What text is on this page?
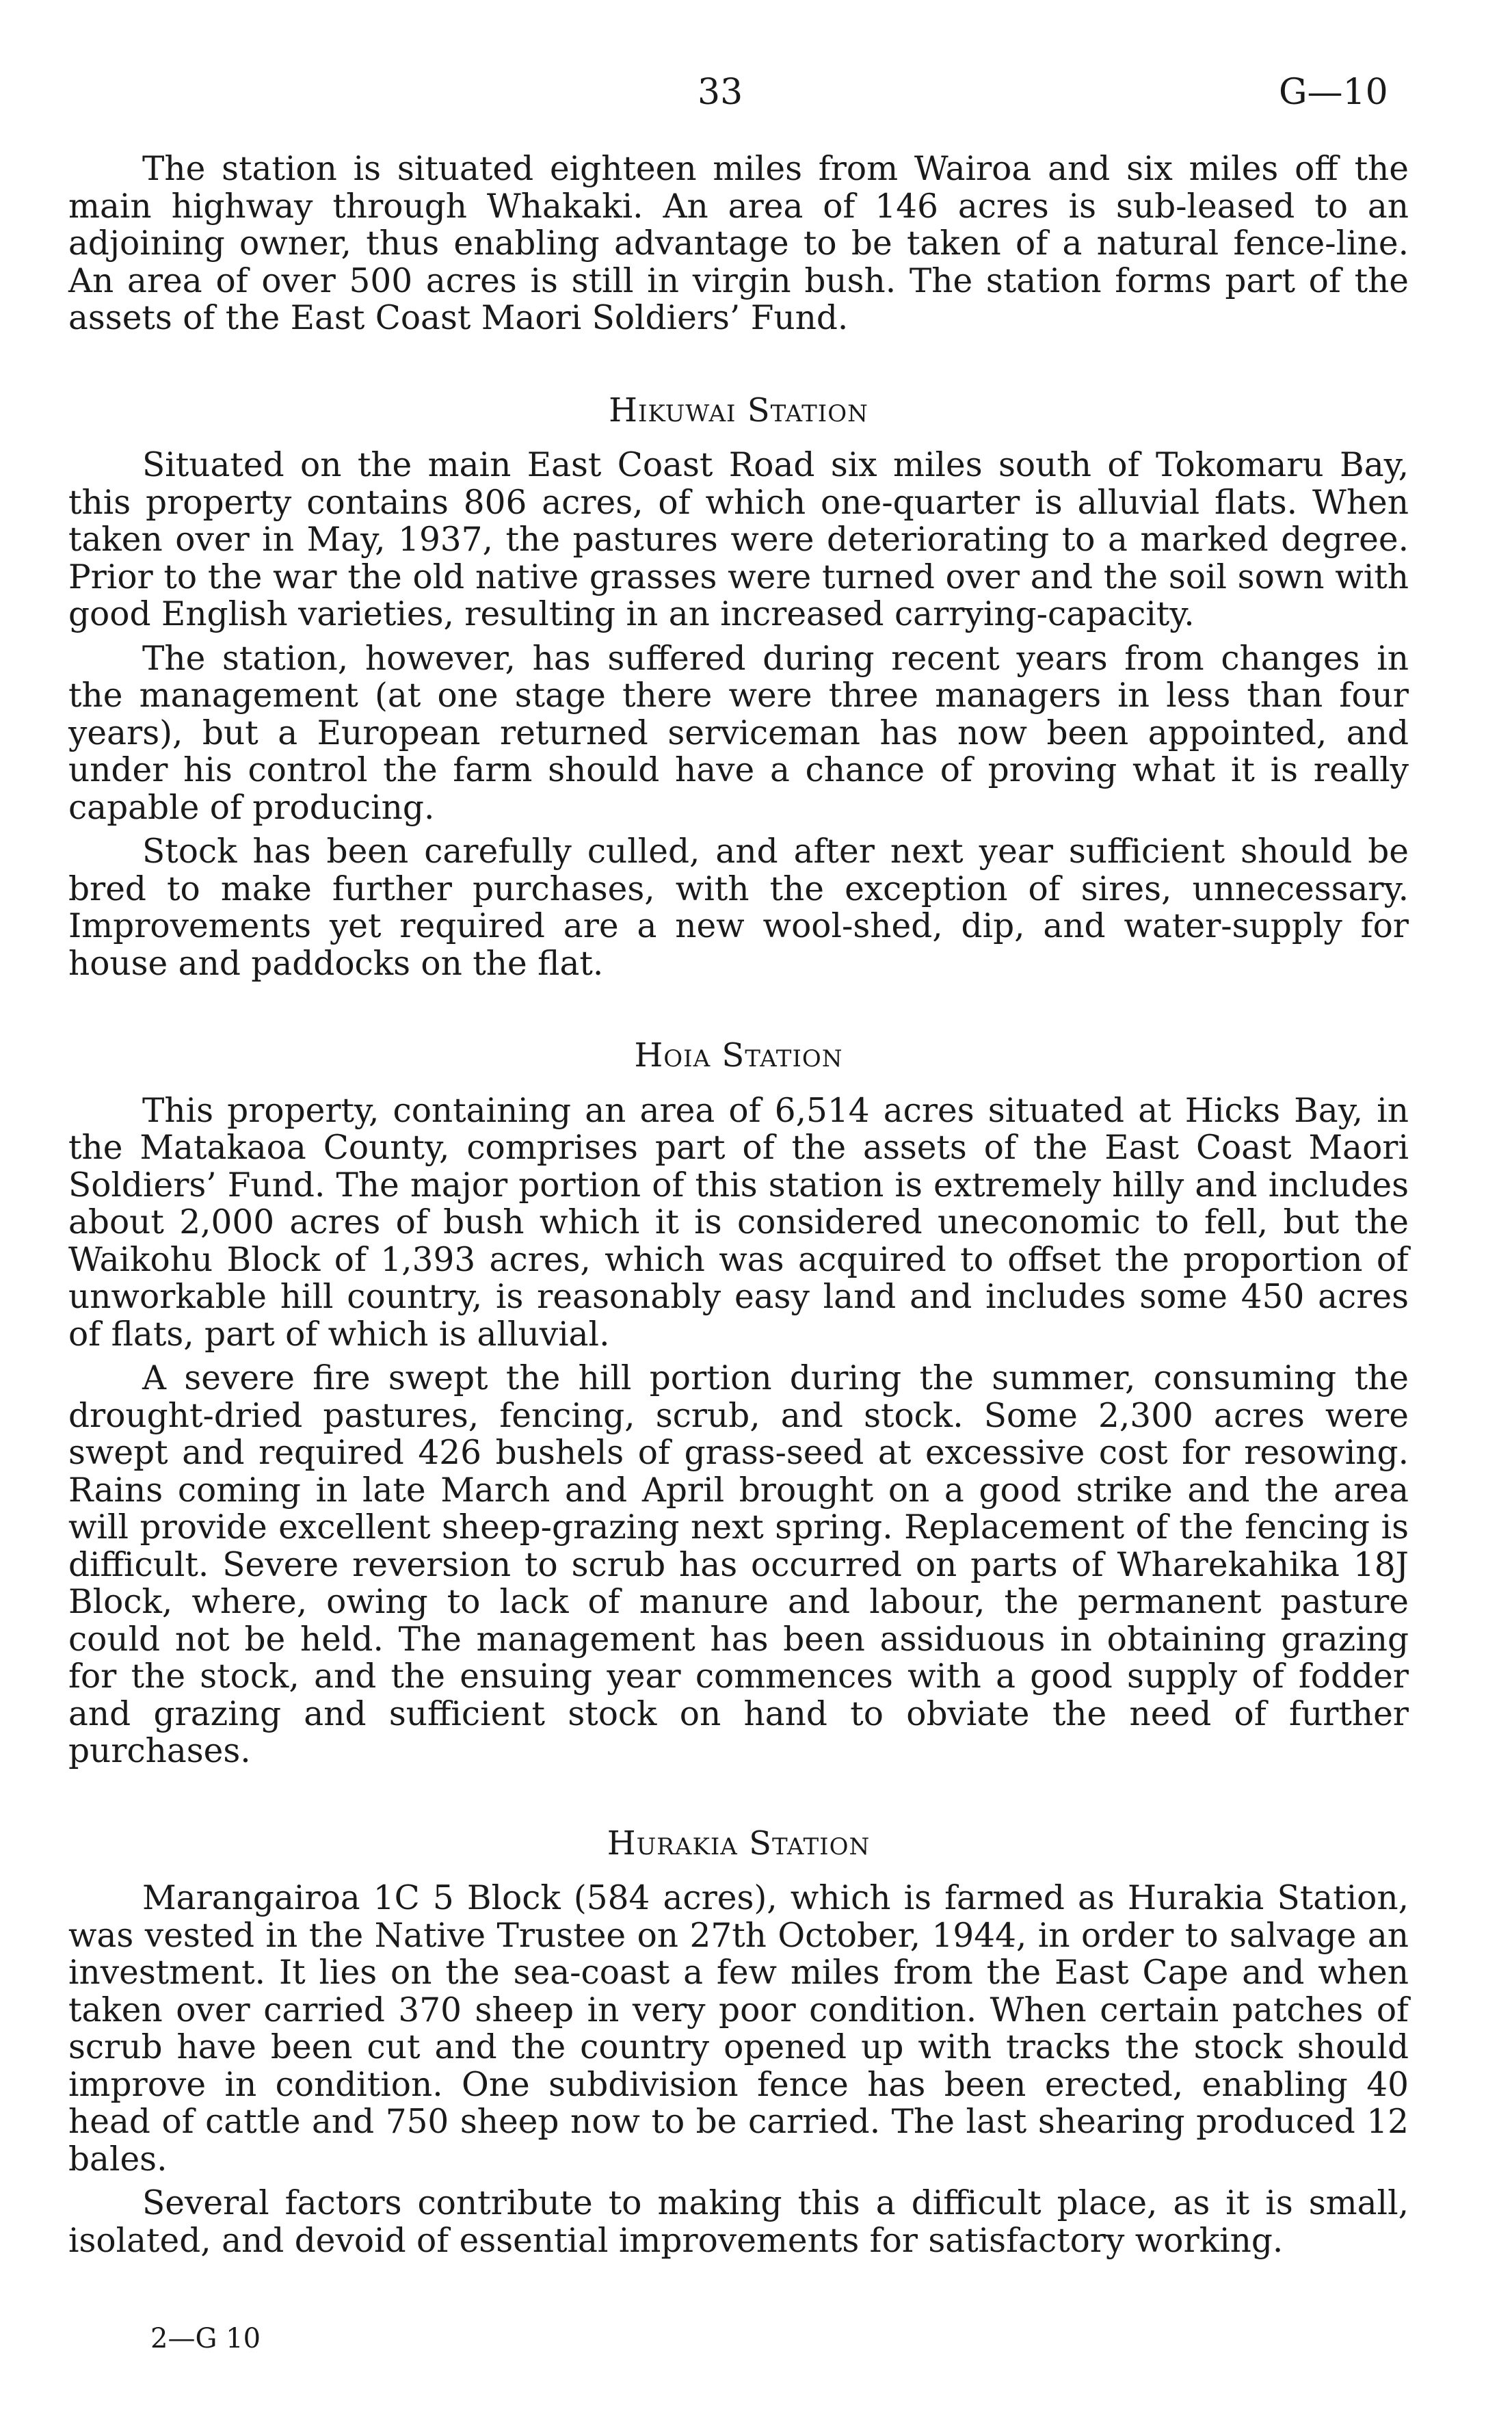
33	G—10

The station is situated eighteen miles from Wairoa and six miles off the main highway through Whakaki. An area of 146 acres is sub-leased to an adjoining owner, thus enabling advantage to be taken of a natural fence-line. An area of over 500 acres is still in virgin bush. The station forms part of the assets of the East Coast Maori Soldiers’ Fund.

Hikuwai Station

Situated on the main East Coast Road six miles south of Tokomaru Bay, this property contains 806 acres, of which one-quarter is alluvial flats. When taken over in May, 1937, the pastures were deteriorating to a marked degree. Prior to the war the old native grasses were turned over and the soil sown with good English varieties, resulting in an increased carrying-capacity.

The station, however, has suffered during recent years from changes in the management (at one stage there were three managers in less than four years), but a European returned serviceman has now been appointed, and under his control the farm should have a chance of proving what it is really capable of producing.

Stock has been carefully culled, and after next year sufficient should be bred to make further purchases, with the exception of sires, unnecessary. Improvements yet required are a new wool-shed, dip, and water-supply for house and paddocks on the flat.

Hoia Station

This property, containing an area of 6,514 acres situated at Hicks Bay, in the Matakaoa County, comprises part of the assets of the East Coast Maori Soldiers’ Fund. The major portion of this station is extremely hilly and includes about 2,000 acres of bush which it is considered uneconomic to fell, but the Waikohu Block of 1,393 acres, which was acquired to offset the proportion of unworkable hill country, is reasonably easy land and includes some 450 acres of flats, part of which is alluvial.

A severe fire swept the hill portion during the summer, consuming the drought-dried pastures, fencing, scrub, and stock. Some 2,300 acres were swept and required 426 bushels of grass-seed at excessive cost for resowing. Rains coming in late March and April brought on a good strike and the area will provide excellent sheep-grazing next spring. Replacement of the fencing is difficult. Severe reversion to scrub has occurred on parts of Wharekahika 18J Block, where, owing to lack of manure and labour, the permanent pasture could not be held. The management has been assiduous in obtaining grazing for the stock, and the ensuing year commences with a good supply of fodder and grazing and sufficient stock on hand to obviate the need of further purchases.

Hurakia Station

Marangairoa 1C 5 Block (584 acres), which is farmed as Hurakia Station, was vested in the Native Trustee on 27th October, 1944, in order to salvage an investment. It lies on the sea-coast a few miles from the East Cape and when taken over carried 370 sheep in very poor condition. When certain patches of scrub have been cut and the country opened up with tracks the stock should improve in condition. One subdivision fence has been erected, enabling 40 head of cattle and 750 sheep now to be carried. The last shearing produced 12 bales.

Several factors contribute to making this a difficult place, as it is small, isolated, and devoid of essential improvements for satisfactory working.

2—G 10
